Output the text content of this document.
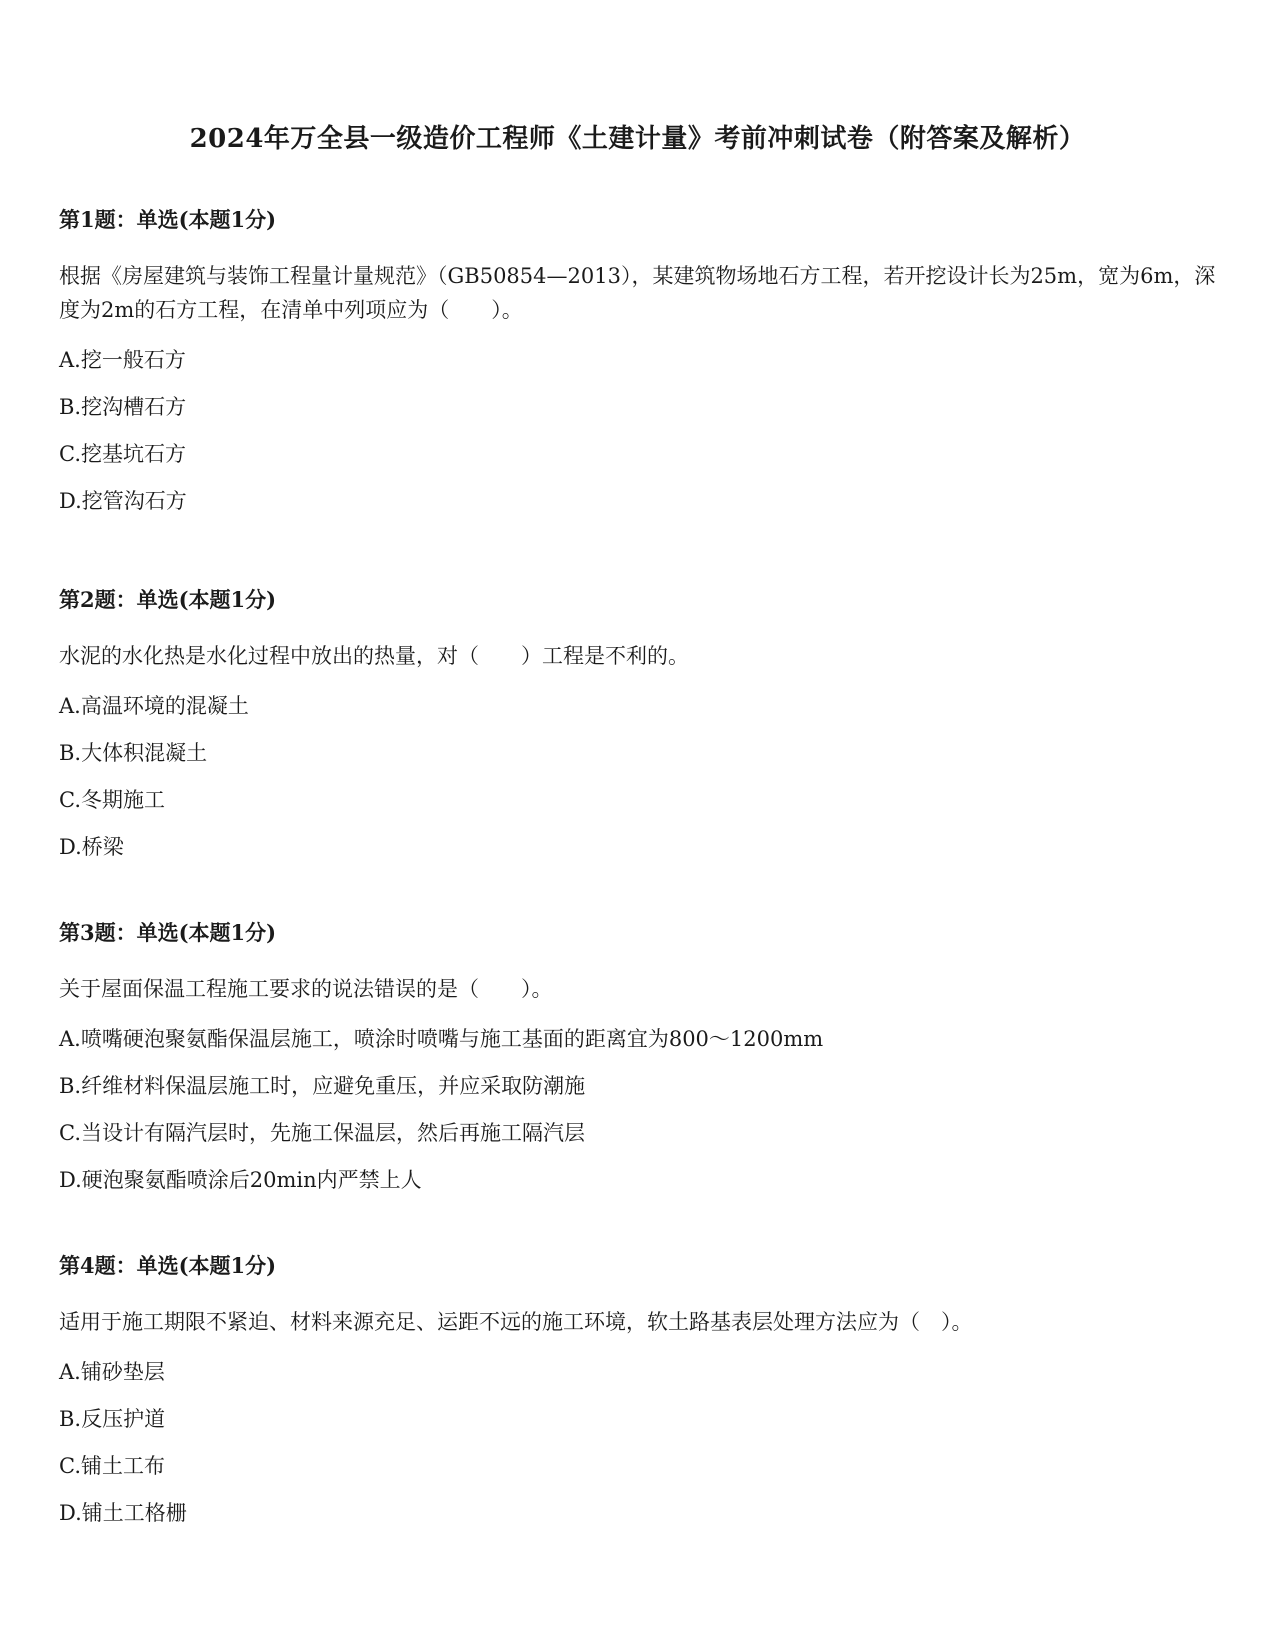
2024年万全县一级造价工程师《土建计量》考前冲刺试卷（附答案及解析）
第1题：单选(本题1分)
根据《房屋建筑与装饰工程量计量规范》（GB50854—2013），某建筑物场地石方工程，若开挖设计长为25m，宽为6m，深度为2m的石方工程，在清单中列项应为（　　）。
A.挖一般石方
B.挖沟槽石方
C.挖基坑石方
D.挖管沟石方
第2题：单选(本题1分)
水泥的水化热是水化过程中放出的热量，对（　　）工程是不利的。
A.高温环境的混凝土
B.大体积混凝土
C.冬期施工
D.桥梁
第3题：单选(本题1分)
关于屋面保温工程施工要求的说法错误的是（　　）。
A.喷嘴硬泡聚氨酯保温层施工，喷涂时喷嘴与施工基面的距离宜为800～1200mm
B.纤维材料保温层施工时，应避免重压，并应采取防潮施
C.当设计有隔汽层时，先施工保温层，然后再施工隔汽层
D.硬泡聚氨酯喷涂后20min内严禁上人
第4题：单选(本题1分)
适用于施工期限不紧迫、材料来源充足、运距不远的施工环境，软土路基表层处理方法应为（　）。
A.铺砂垫层
B.反压护道
C.铺土工布
D.铺土工格栅
